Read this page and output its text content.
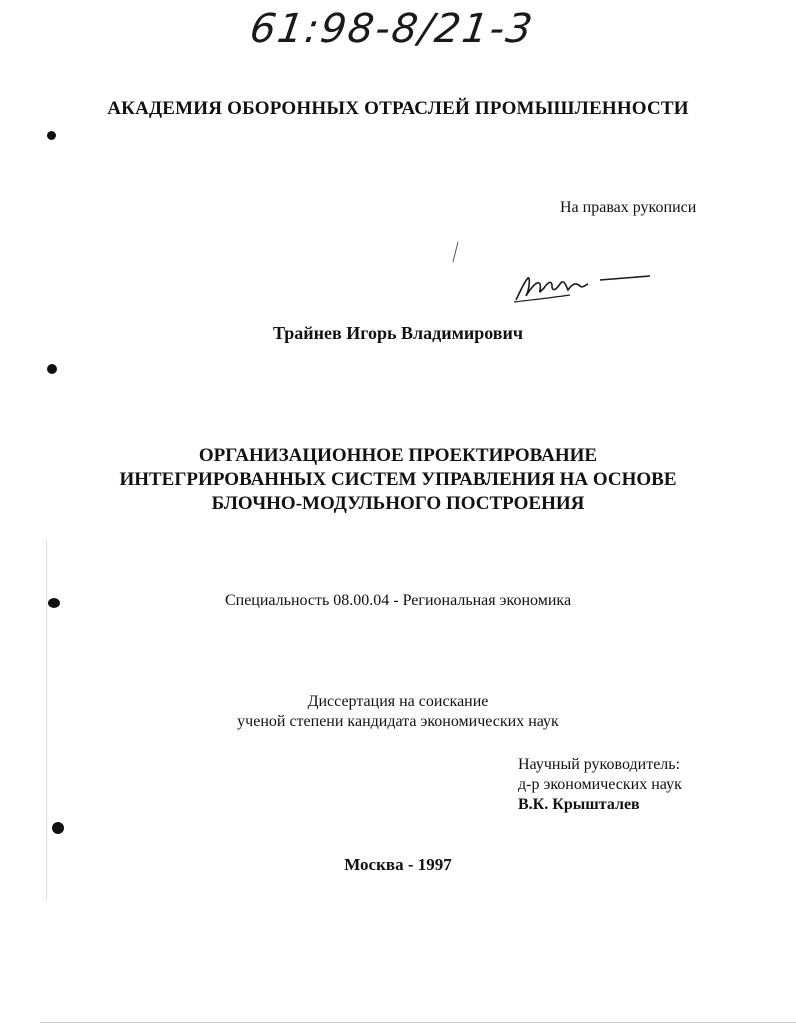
61:98-8/21-3
АКАДЕМИЯ ОБОРОННЫХ ОТРАСЛЕЙ ПРОМЫШЛЕННОСТИ
На правах рукописи
Трайнев Игорь Владимирович
ОРГАНИЗАЦИОННОЕ ПРОЕКТИРОВАНИЕ
ИНТЕГРИРОВАННЫХ СИСТЕМ УПРАВЛЕНИЯ НА ОСНОВЕ
БЛОЧНО-МОДУЛЬНОГО ПОСТРОЕНИЯ
Специальность 08.00.04 - Региональная экономика
Диссертация на соискание
ученой степени кандидата экономических наук
Научный руководитель:
д-р экономических наук
В.К. Крышталев
Москва - 1997
